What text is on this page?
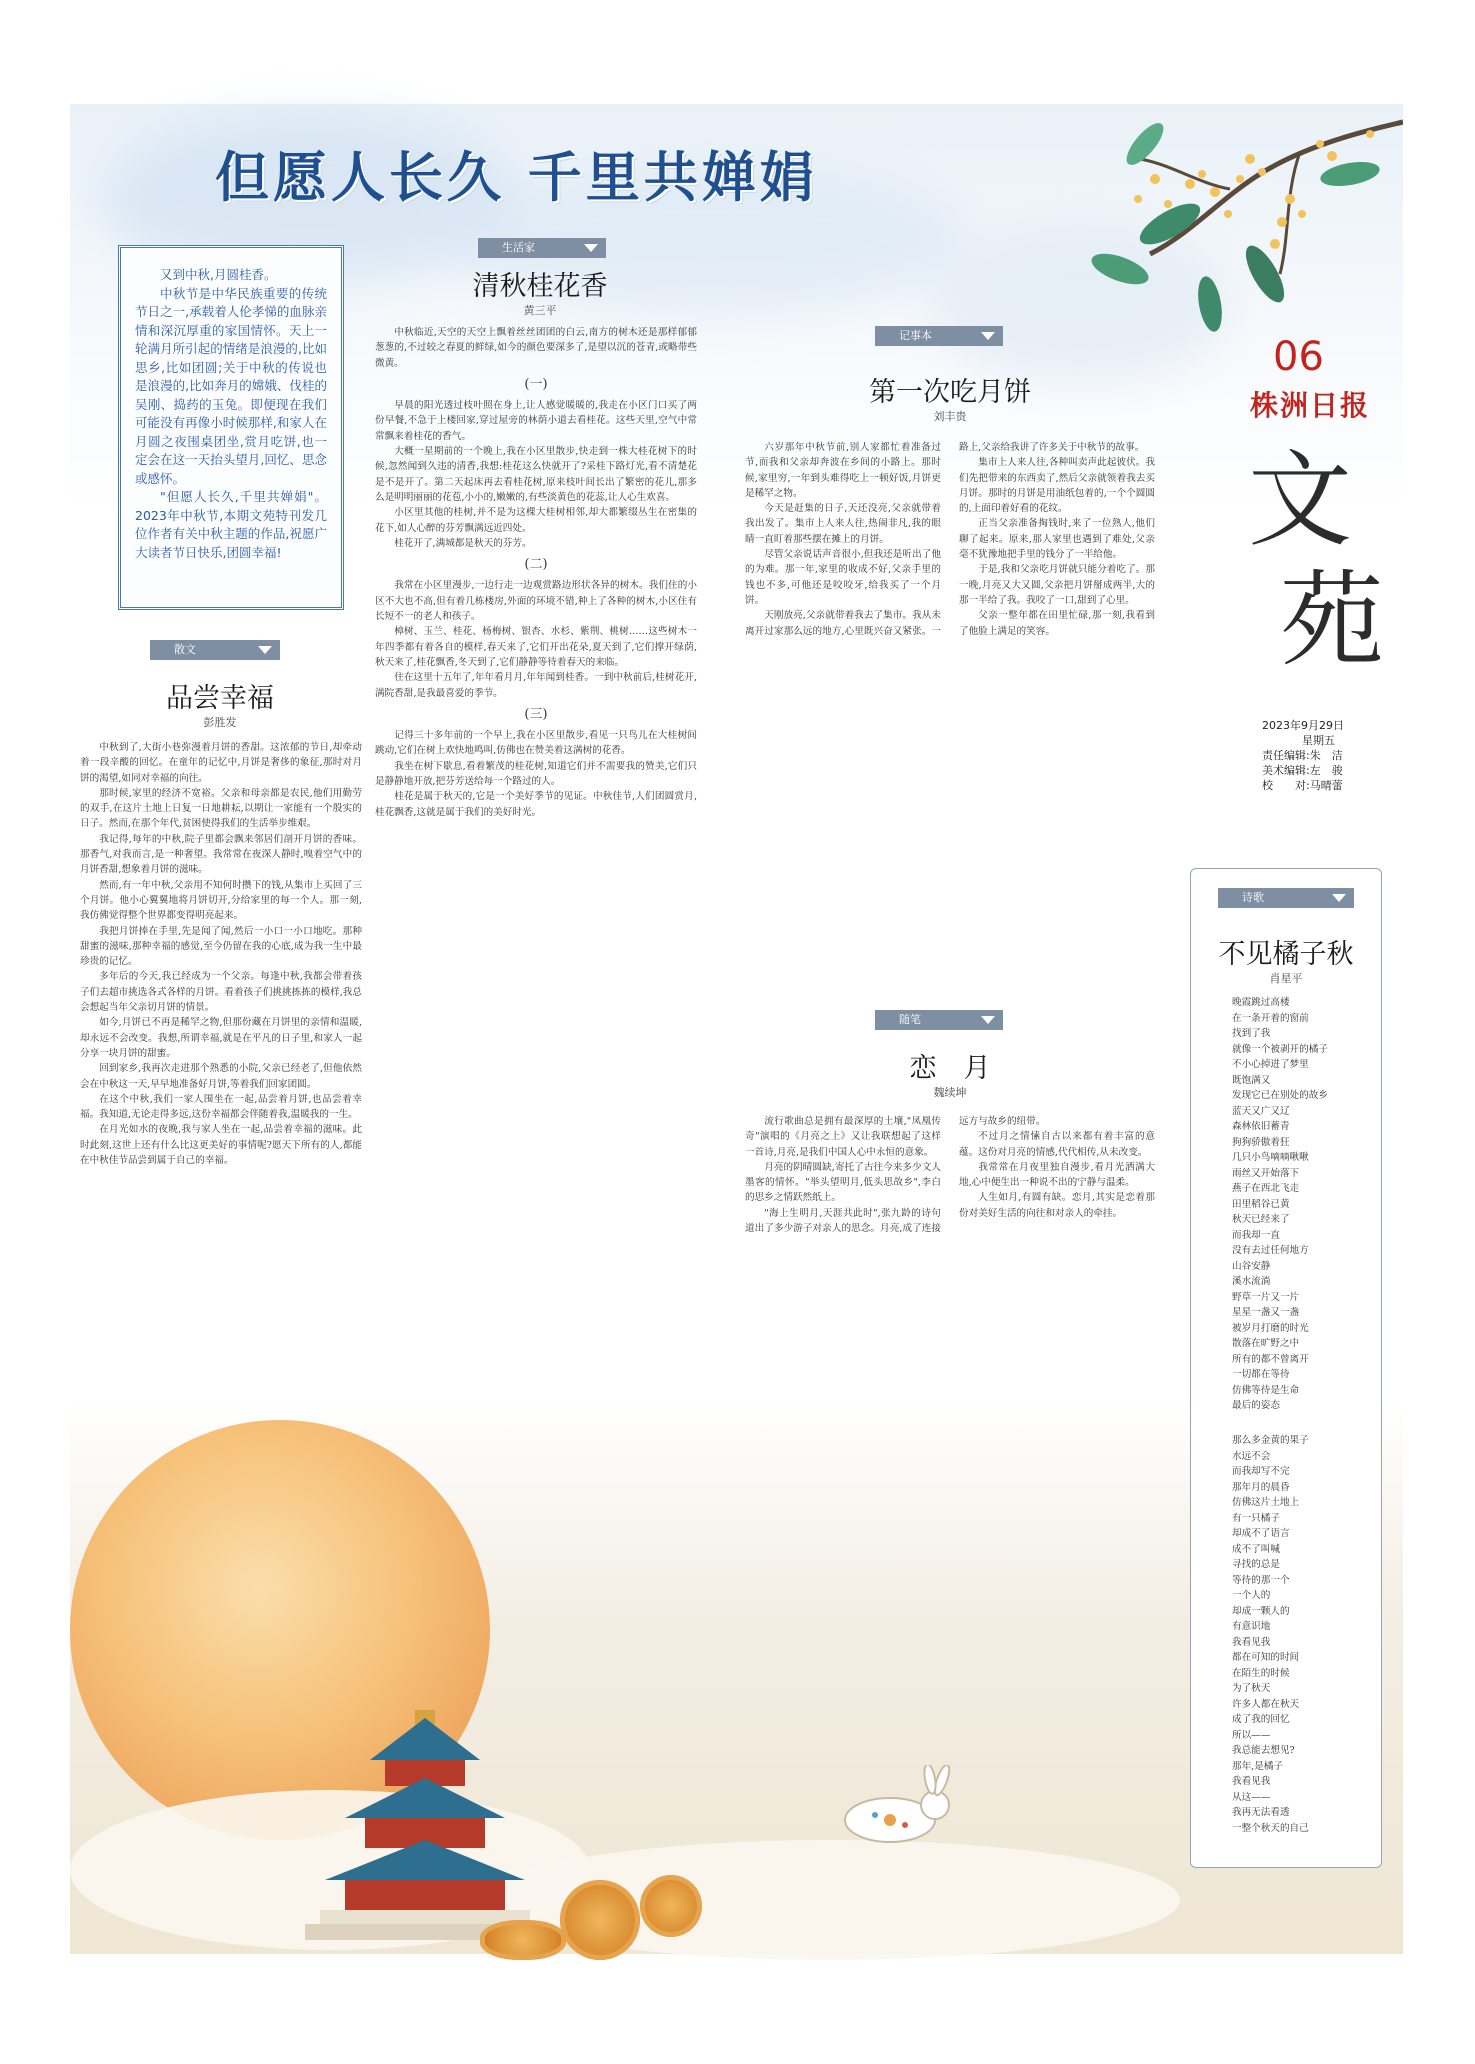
但愿人长久 千里共婵娟

又到中秋,月圆桂香。

中秋节是中华民族重要的传统节日之一,承载着人伦孝悌的血脉亲情和深沉厚重的家国情怀。天上一轮满月所引起的情绪是浪漫的,比如思乡,比如团圆;关于中秋的传说也是浪漫的,比如奔月的嫦娥、伐桂的吴刚、捣药的玉兔。即便现在我们可能没有再像小时候那样,和家人在月圆之夜围桌团坐,赏月吃饼,也一定会在这一天抬头望月,回忆、思念或感怀。

"但愿人长久,千里共婵娟"。2023年中秋节,本期文苑特刊发几位作者有关中秋主题的作品,祝愿广大读者节日快乐,团圆幸福!

生活家
清秋桂花香
黄三平

中秋临近,天空的天空上飘着丝丝团团的白云,南方的树木还是那样郁郁葱葱的,不过较之春夏的鲜绿,如今的颜色要深多了,是望以沉的苍青,或略带些微黄。

(一)

早晨的阳光透过枝叶照在身上,让人感觉暖暖的,我走在小区门口买了两份早餐,不急于上楼回家,穿过屋旁的林荫小道去看桂花。这些天里,空气中常常飘来着桂花的香气。

大概一星期前的一个晚上,我在小区里散步,快走到一株大桂花树下的时候,忽然闻到久违的清香,我想:桂花这么快就开了?采桂下路灯光,看不清楚花是不是开了。第二天起床再去看桂花树,原来枝叶间长出了繁密的花儿,那多么是明明丽丽的花苞,小小的,嫩嫩的,有些淡黄色的花蕊,让人心生欢喜。

小区里其他的桂树,并不是为这棵大桂树相邻,却大都繁缀丛生在密集的花下,如人心醉的芬芳飘满远近四处。

桂花开了,满城都是秋天的芬芳。

(二)

我常在小区里漫步,一边行走一边观赏路边形状各异的树木。我们住的小区不大也不高,但有着几栋楼房,外面的环境不错,种上了各种的树木,小区住有长短不一的老人和孩子。

樟树、玉兰、桂花、杨梅树、银杏、水杉、紫荆、桃树……这些树木一年四季都有着各自的模样,春天来了,它们开出花朵,夏天到了,它们撑开绿荫,秋天来了,桂花飘香,冬天到了,它们静静等待着春天的来临。

住在这里十五年了,年年看月月,年年闻到桂香。一到中秋前后,桂树花开,满院香甜,是我最喜爱的季节。

(三)

记得三十多年前的一个早上,我在小区里散步,看见一只鸟儿在大桂树间跳动,它们在树上欢快地鸣叫,仿佛也在赞美着这满树的花香。

我坐在树下歇息,看着繁茂的桂花树,知道它们并不需要我的赞美,它们只是静静地开放,把芬芳送给每一个路过的人。

桂花是属于秋天的,它是一个美好季节的见证。中秋佳节,人们团圆赏月,桂花飘香,这就是属于我们的美好时光。

散文
品尝幸福
彭胜发

中秋到了,大街小巷弥漫着月饼的香甜。这浓郁的节日,却牵动着一段辛酸的回忆。在童年的记忆中,月饼是奢侈的象征,那时对月饼的渴望,如同对幸福的向往。

那时候,家里的经济不宽裕。父亲和母亲都是农民,他们用勤劳的双手,在这片土地上日复一日地耕耘,以期让一家能有一个殷实的日子。然而,在那个年代,贫困使得我们的生活举步维艰。

我记得,每年的中秋,院子里都会飘来邻居们剖开月饼的香味。那香气,对我而言,是一种奢望。我常常在夜深人静时,嗅着空气中的月饼香甜,想象着月饼的滋味。

然而,有一年中秋,父亲用不知何时攒下的钱,从集市上买回了三个月饼。他小心翼翼地将月饼切开,分给家里的每一个人。那一刻,我仿佛觉得整个世界都变得明亮起来。

我把月饼捧在手里,先是闻了闻,然后一小口一小口地吃。那种甜蜜的滋味,那种幸福的感觉,至今仍留在我的心底,成为我一生中最珍贵的记忆。

多年后的今天,我已经成为一个父亲。每逢中秋,我都会带着孩子们去超市挑选各式各样的月饼。看着孩子们挑挑拣拣的模样,我总会想起当年父亲切月饼的情景。

如今,月饼已不再是稀罕之物,但那份藏在月饼里的亲情和温暖,却永远不会改变。我想,所谓幸福,就是在平凡的日子里,和家人一起分享一块月饼的甜蜜。

回到家乡,我再次走进那个熟悉的小院,父亲已经老了,但他依然会在中秋这一天,早早地准备好月饼,等着我们回家团圆。

在这个中秋,我们一家人围坐在一起,品尝着月饼,也品尝着幸福。我知道,无论走得多远,这份幸福都会伴随着我,温暖我的一生。

在月光如水的夜晚,我与家人坐在一起,品尝着幸福的滋味。此时此刻,这世上还有什么比这更美好的事情呢?愿天下所有的人,都能在中秋佳节品尝到属于自己的幸福。

记事本
第一次吃月饼
刘丰贵

六岁那年中秋节前,别人家都忙着准备过节,而我和父亲却奔波在乡间的小路上。那时候,家里穷,一年到头难得吃上一顿好饭,月饼更是稀罕之物。

今天是赶集的日子,天还没亮,父亲就带着我出发了。集市上人来人往,热闹非凡,我的眼睛一直盯着那些摆在摊上的月饼。

尽管父亲说话声音很小,但我还是听出了他的为难。那一年,家里的收成不好,父亲手里的钱也不多,可他还是咬咬牙,给我买了一个月饼。

天刚放亮,父亲就带着我去了集市。我从未离开过家那么远的地方,心里既兴奋又紧张。一路上,父亲给我讲了许多关于中秋节的故事。

集市上人来人往,各种叫卖声此起彼伏。我们先把带来的东西卖了,然后父亲就领着我去买月饼。那时的月饼是用油纸包着的,一个个圆圆的,上面印着好看的花纹。

正当父亲准备掏钱时,来了一位熟人,他们聊了起来。原来,那人家里也遇到了难处,父亲毫不犹豫地把手里的钱分了一半给他。

于是,我和父亲吃月饼就只能分着吃了。那一晚,月亮又大又圆,父亲把月饼掰成两半,大的那一半给了我。我咬了一口,甜到了心里。

父亲一整年都在田里忙碌,那一刻,我看到了他脸上满足的笑容。

随笔
恋　月
魏续坤

流行歌曲总是拥有最深厚的土壤,"凤凰传奇"演唱的《月亮之上》又让我联想起了这样一首诗,月亮,是我们中国人心中永恒的意象。

月亮的阴晴圆缺,寄托了古往今来多少文人墨客的情怀。"举头望明月,低头思故乡",李白的思乡之情跃然纸上。

"海上生明月,天涯共此时",张九龄的诗句道出了多少游子对亲人的思念。月亮,成了连接远方与故乡的纽带。

不过月之情愫自古以来都有着丰富的意蕴。这份对月亮的情感,代代相传,从未改变。

我常常在月夜里独自漫步,看月光洒满大地,心中便生出一种说不出的宁静与温柔。

人生如月,有圆有缺。恋月,其实是恋着那份对美好生活的向往和对亲人的牵挂。

06
株洲日报
文
苑
2023年9月29日
星期五
责任编辑:朱　洁
美术编辑:左　骏
校　　对:马晴蕾
诗歌
不见橘子秋
肖星平
晚霞跳过高楼
在一条开着的窗前
找到了我
就像一个被剥开的橘子
不小心掉进了梦里
既饱满又
发现它已在别处的故乡
蓝天又广又辽
森林依旧蓄青
狗狗骄傲着狂
几只小鸟嘀嘀啾啾
雨丝又开始落下
燕子在西北飞走
田里稻谷已黄
秋天已经来了
而我却一直
没有去过任何地方
山谷安静
溪水流淌
野草一片又一片
星星一盏又一盏
被岁月打磨的时光
散落在旷野之中
所有的都不曾离开
一切都在等待
仿佛等待是生命
最后的姿态
那么多金黄的果子
水远不会
而我却写不完
那年月的晨昏
仿佛这片土地上
有一只橘子
却成不了语言
成不了叫喊
寻找的总是
等待的那一个
一个人的
却成一颗人的
有意识地
我看见我
都在可知的时间
在陌生的时候
为了秋天
许多人都在秋天
成了我的回忆
所以——
我总能去想见?
那年,是橘子
我看见我
从这——
我再无法看透
一整个秋天的自己
